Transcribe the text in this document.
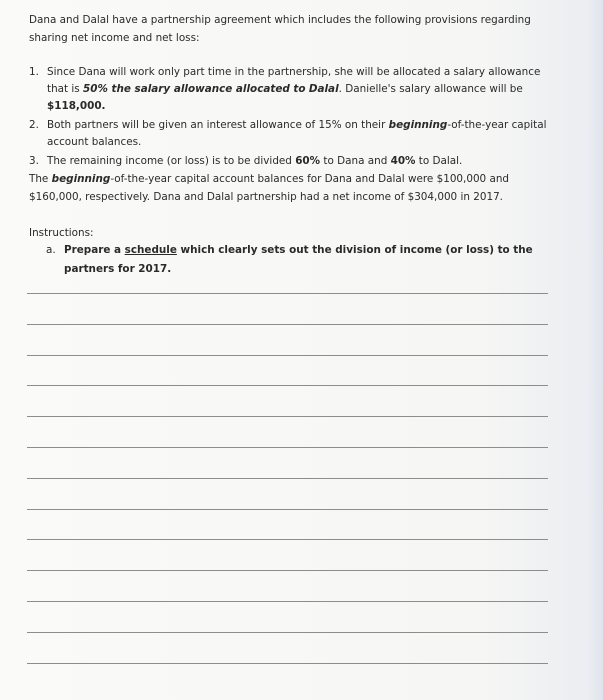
Dana and Dalal have a partnership agreement which includes the following provisions regarding sharing net income and net loss:
1. Since Dana will work only part time in the partnership, she will be allocated a salary allowance that is 50% the salary allowance allocated to Dalal. Danielle's salary allowance will be $118,000.
2. Both partners will be given an interest allowance of 15% on their beginning-of-the-year capital account balances.
3. The remaining income (or loss) is to be divided 60% to Dana and 40% to Dalal.
The beginning-of-the-year capital account balances for Dana and Dalal were $100,000 and $160,000, respectively. Dana and Dalal partnership had a net income of $304,000 in 2017.
Instructions:
a. Prepare a schedule which clearly sets out the division of income (or loss) to the partners for 2017.
